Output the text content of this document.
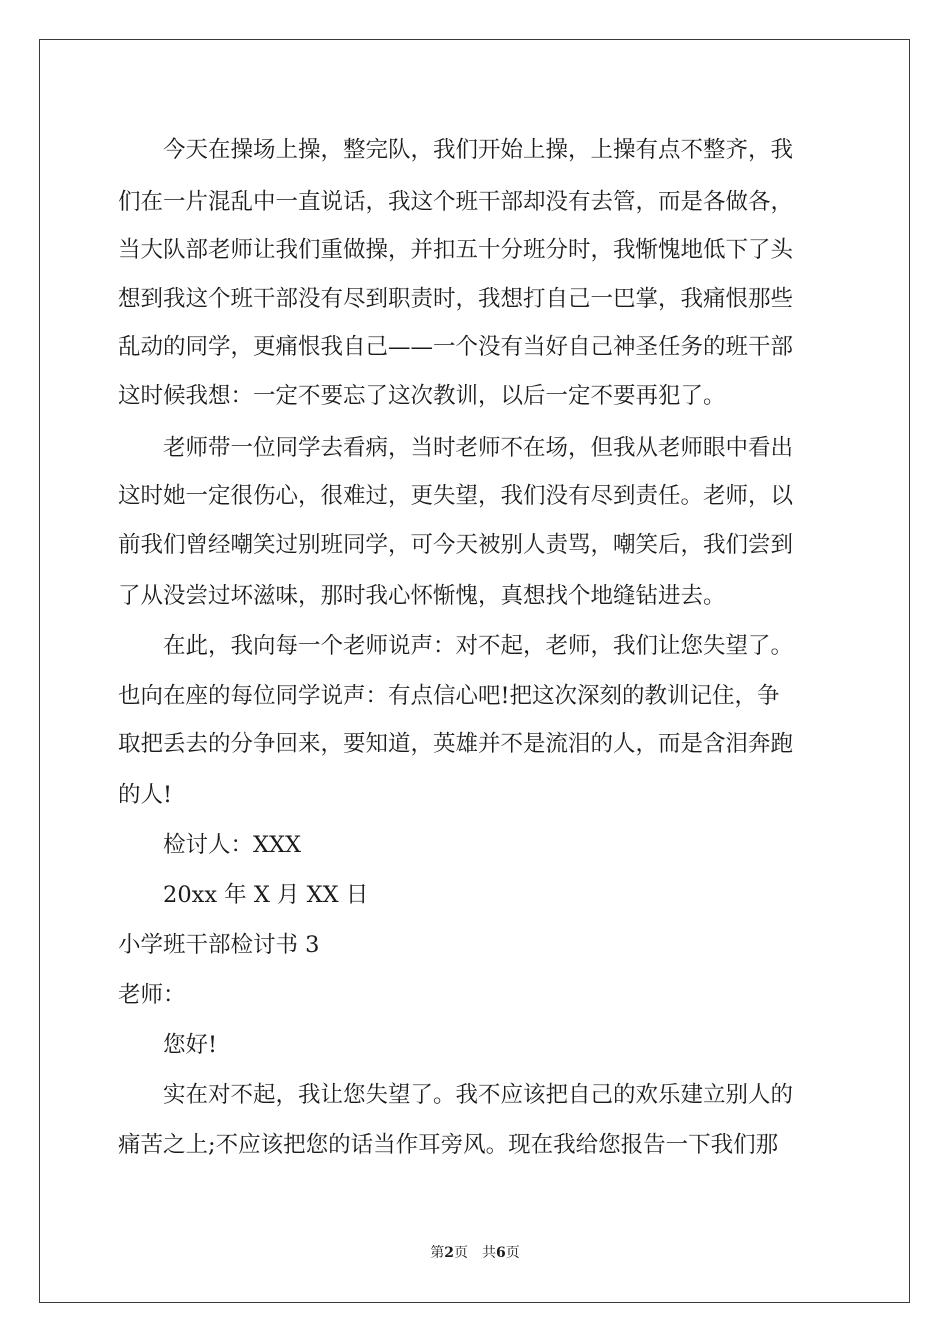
今天在操场上操，整完队，我们开始上操，上操有点不整齐，我
们在一片混乱中一直说话，我这个班干部却没有去管，而是各做各，
当大队部老师让我们重做操，并扣五十分班分时，我惭愧地低下了头
想到我这个班干部没有尽到职责时，我想打自己一巴掌，我痛恨那些
乱动的同学，更痛恨我自己——一个没有当好自己神圣任务的班干部
这时候我想：一定不要忘了这次教训，以后一定不要再犯了。
老师带一位同学去看病，当时老师不在场，但我从老师眼中看出
这时她一定很伤心，很难过，更失望，我们没有尽到责任。老师，以
前我们曾经嘲笑过别班同学，可今天被别人责骂，嘲笑后，我们尝到
了从没尝过坏滋味，那时我心怀惭愧，真想找个地缝钻进去。
在此，我向每一个老师说声：对不起，老师，我们让您失望了。
也向在座的每位同学说声：有点信心吧!把这次深刻的教训记住，争
取把丢去的分争回来，要知道，英雄并不是流泪的人，而是含泪奔跑
的人!
检讨人：XXX
20xx 年 X 月 XX 日
小学班干部检讨书 3
老师：
您好!
实在对不起，我让您失望了。我不应该把自己的欢乐建立别人的
痛苦之上;不应该把您的话当作耳旁风。现在我给您报告一下我们那
第2页 共6页
